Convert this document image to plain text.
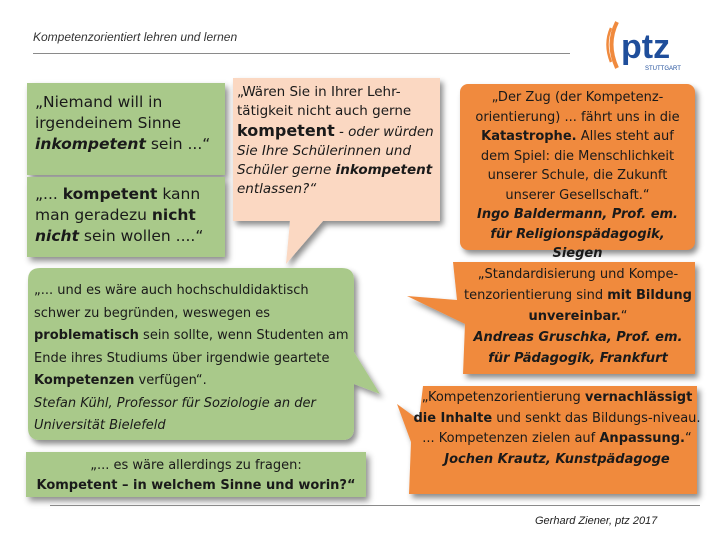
Kompetenzorientiert lehren und lernen	ptz
STUTTGART
„Niemand will in irgendeinem Sinne inkompetent sein ...“
„... kompetent kann man geradezu nicht nicht sein wollen ....“
„Wären Sie in Ihrer Lehr-tätigkeit nicht auch gerne kompetent - oder würden Sie Ihre Schülerinnen und Schüler gerne inkompetent entlassen?“
„... und es wäre auch hochschuldidaktisch schwer zu begründen, weswegen es problematisch sein sollte, wenn Studenten am Ende ihres Studiums über irgendwie geartete Kompetenzen verfügen“.
Stefan Kühl, Professor für Soziologie an der Universität Bielefeld
„... es wäre allerdings zu fragen:
Kompetent – in welchem Sinne und worin?“
„Der Zug (der Kompetenz-orientierung) ... fährt uns in die Katastrophe. Alles steht auf dem Spiel: die Menschlichkeit unserer Schule, die Zukunft unserer Gesellschaft.“
Ingo Baldermann, Prof. em. für Religionspädagogik, Siegen
„Standardisierung und Kompe-tenzorientierung sind mit Bildung unvereinbar.“
Andreas Gruschka, Prof. em. für Pädagogik, Frankfurt
„Kompetenzorientierung vernachlässigt die Inhalte und senkt das Bildungs-niveau. ... Kompetenzen zielen auf Anpassung.“
Jochen Krautz, Kunstpädagoge
Gerhard Ziener, ptz 2017
